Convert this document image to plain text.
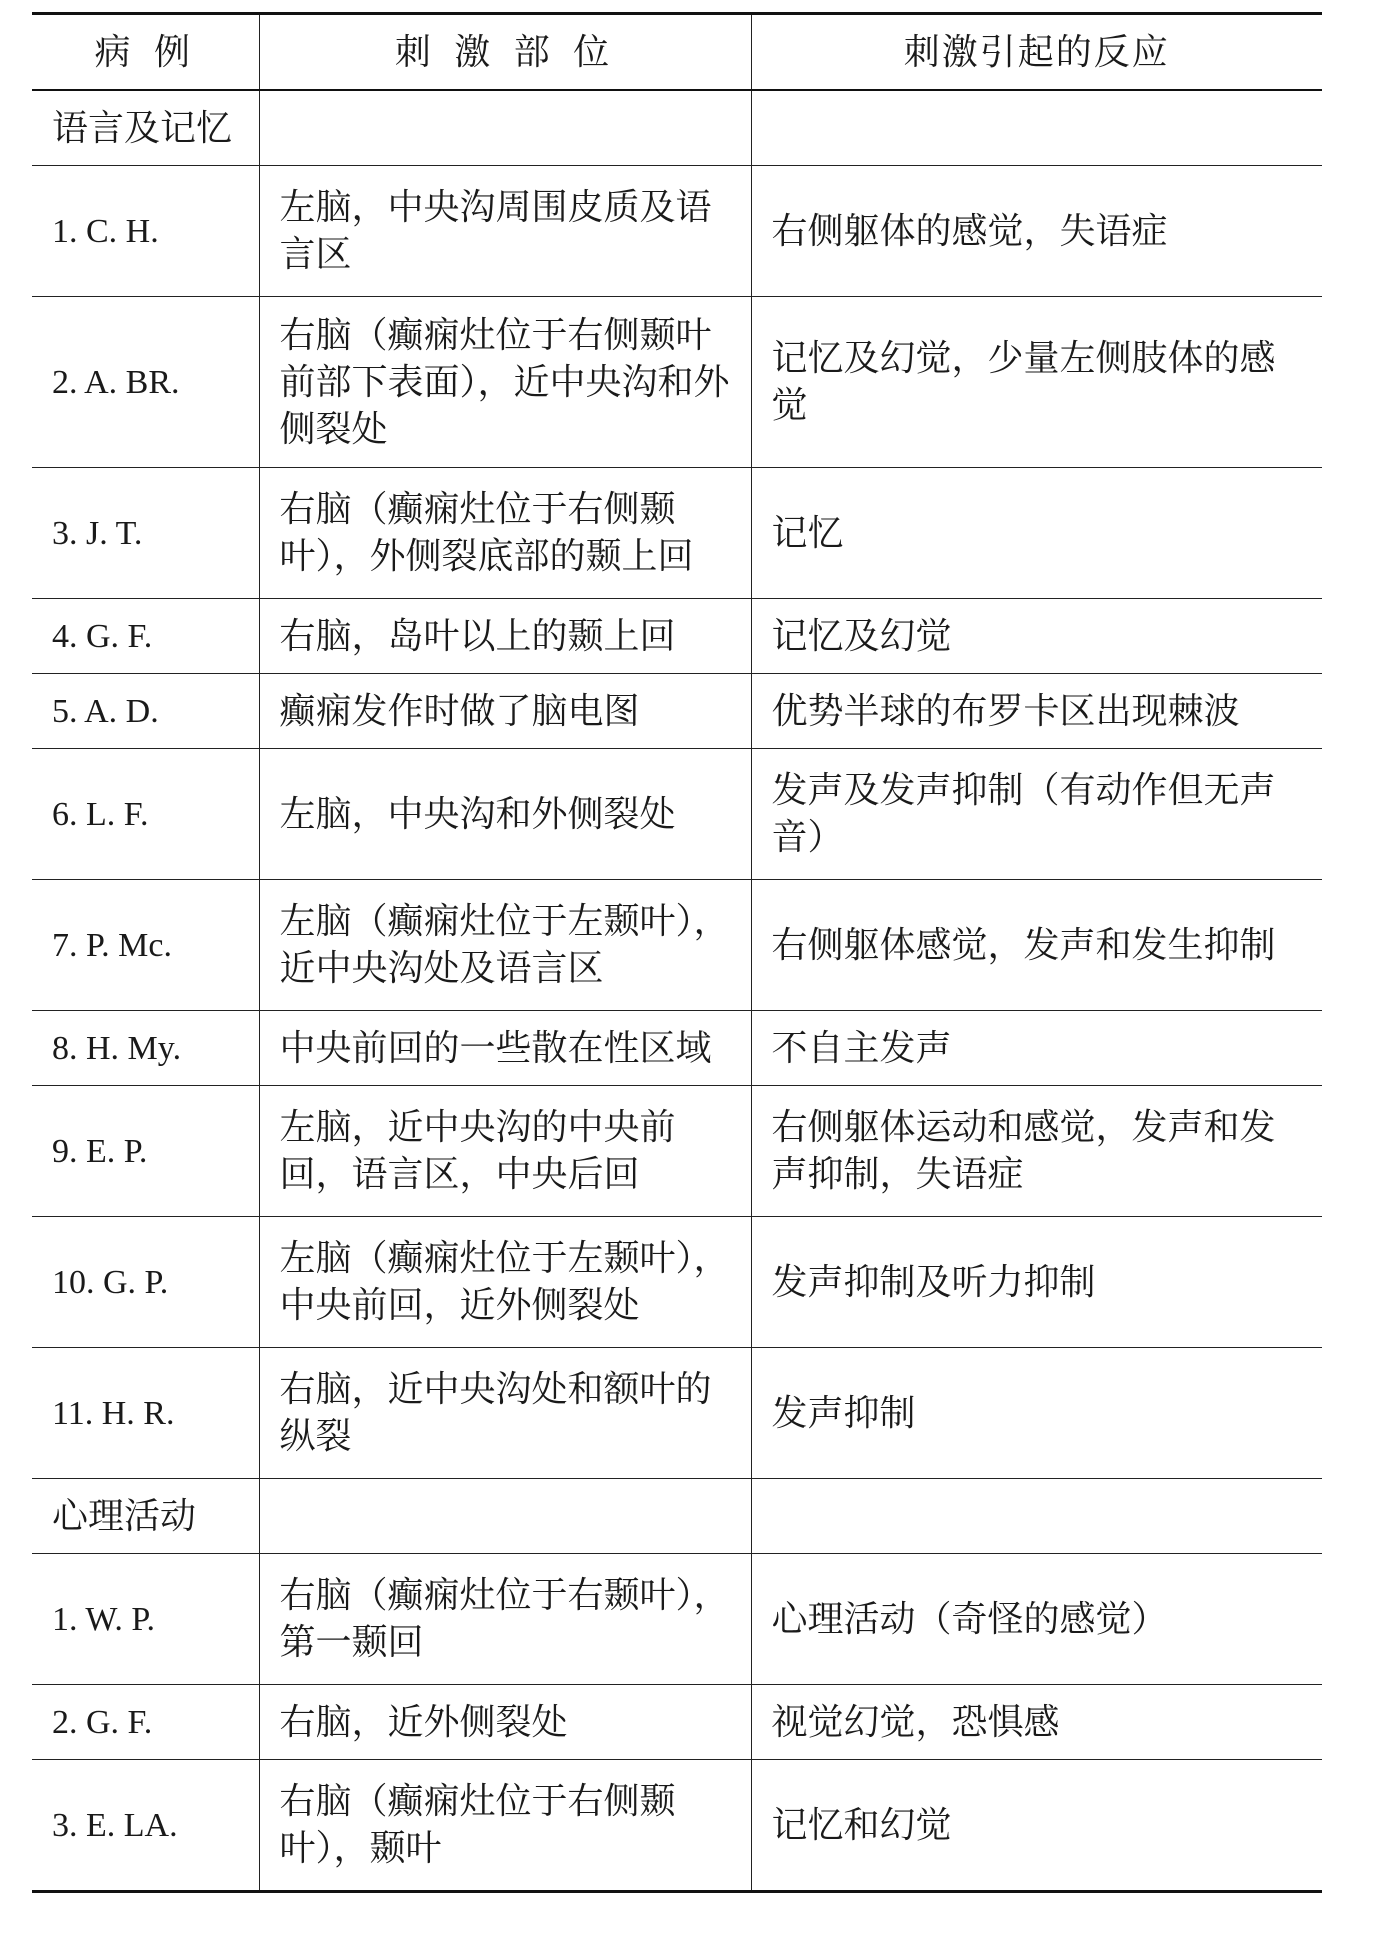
病 例	刺 激 部 位	刺激引起的反应
语言及记忆		
1. C. H.	左脑，中央沟周围皮质及语言区	右侧躯体的感觉，失语症
2. A. BR.	右脑（癫痫灶位于右侧颞叶前部下表面），近中央沟和外侧裂处	记忆及幻觉，少量左侧肢体的感觉
3. J. T.	右脑（癫痫灶位于右侧颞叶），外侧裂底部的颞上回	记忆
4. G. F.	右脑，岛叶以上的颞上回	记忆及幻觉
5. A. D.	癫痫发作时做了脑电图	优势半球的布罗卡区出现棘波
6. L. F.	左脑，中央沟和外侧裂处	发声及发声抑制（有动作但无声音）
7. P. Mc.	左脑（癫痫灶位于左颞叶），近中央沟处及语言区	右侧躯体感觉，发声和发生抑制
8. H. My.	中央前回的一些散在性区域	不自主发声
9. E. P.	左脑，近中央沟的中央前回，语言区，中央后回	右侧躯体运动和感觉，发声和发声抑制，失语症
10. G. P.	左脑（癫痫灶位于左颞叶），中央前回，近外侧裂处	发声抑制及听力抑制
11. H. R.	右脑，近中央沟处和额叶的纵裂	发声抑制
心理活动		
1. W. P.	右脑（癫痫灶位于右颞叶），第一颞回	心理活动（奇怪的感觉）
2. G. F.	右脑，近外侧裂处	视觉幻觉，恐惧感
3. E. LA.	右脑（癫痫灶位于右侧颞叶），颞叶	记忆和幻觉
